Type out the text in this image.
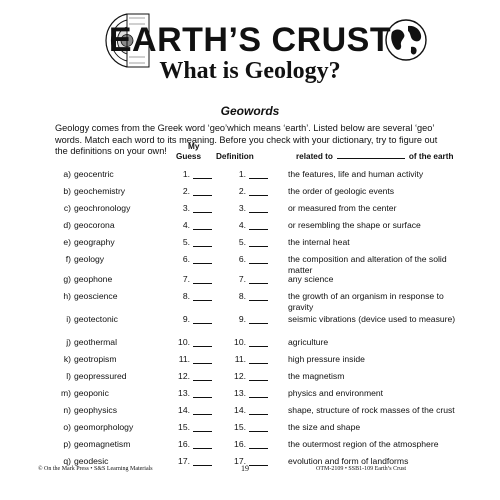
EARTH’S CRUST
What is Geology?
Geowords
Geology comes from the Greek word ‘geo’which means ‘earth’. Listed below are several ‘geo’ words. Match each word to its meaning. Before you check with your dictionary, try to figure out the definitions on your own!	My
Guess Definition	related to	of the earth
a) geocentric	1.	1.	the features, life and human activity
b) geochemistry	2.	2.	the order of geologic events
c) geochronology	3.	3.	or measured from the center
d) geocorona	4.	4.	or resembling the shape or surface
e) geography	5.	5.	the internal heat
f) geology	6.	6.	the composition and alteration of the solid matter
g) geophone	7.	7.	any science
h) geoscience	8.	8.	the growth of an organism in response to gravity
i) geotectonic	9.	9.	seismic vibrations (device used to measure)
j) geothermal	10.	10.	agriculture
k) geotropism	11.	11.	high pressure inside
l) geopressured	12.	12.	the magnetism
m) geoponic	13.	13.	physics and environment
n) geophysics	14.	14.	shape, structure of rock masses of the crust
o) geomorphology	15.	15.	the size and shape
p) geomagnetism	16.	16.	the outermost region of the atmosphere
q) geodesic	17.	17.	evolution and form of landforms
© On the Mark Press • S&S Learning Materials	19	OTM-2109 • SSB1-109 Earth’s Crust
